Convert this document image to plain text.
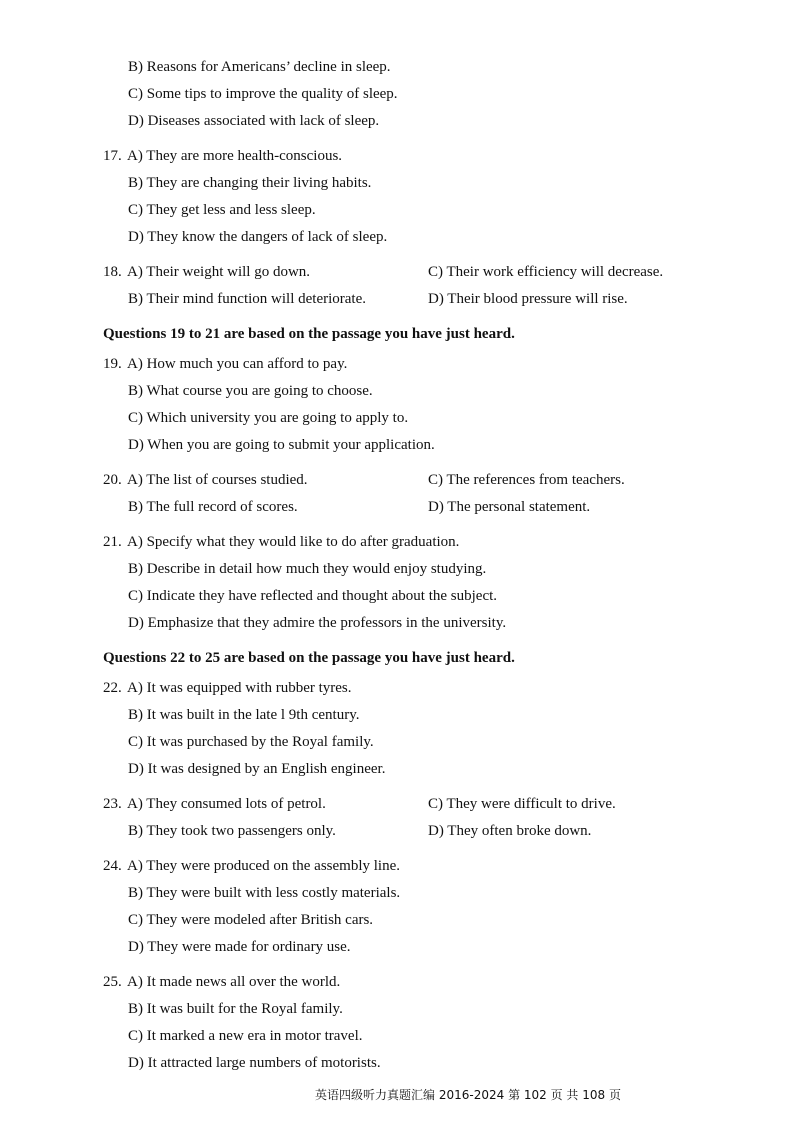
B) Reasons for Americans’ decline in sleep.
C) Some tips to improve the quality of sleep.
D) Diseases associated with lack of sleep.
17. A) They are more health-conscious.
B) They are changing their living habits.
C) They get less and less sleep.
D) They know the dangers of lack of sleep.
18. A) Their weight will go down.	C) Their work efficiency will decrease.
B) Their mind function will deteriorate.	D) Their blood pressure will rise.
Questions 19 to 21 are based on the passage you have just heard.
19. A) How much you can afford to pay.
B) What course you are going to choose.
C) Which university you are going to apply to.
D) When you are going to submit your application.
20. A) The list of courses studied.	C) The references from teachers.
B) The full record of scores.	D) The personal statement.
21. A) Specify what they would like to do after graduation.
B) Describe in detail how much they would enjoy studying.
C) Indicate they have reflected and thought about the subject.
D) Emphasize that they admire the professors in the university.
Questions 22 to 25 are based on the passage you have just heard.
22. A) It was equipped with rubber tyres.
B) It was built in the late l 9th century.
C) It was purchased by the Royal family.
D) It was designed by an English engineer.
23. A) They consumed lots of petrol.	C) They were difficult to drive.
B) They took two passengers only.	D) They often broke down.
24. A) They were produced on the assembly line.
B) They were built with less costly materials.
C) They were modeled after British cars.
D) They were made for ordinary use.
25. A) It made news all over the world.
B) It was built for the Royal family.
C) It marked a new era in motor travel.
D) It attracted large numbers of motorists.
英语四级听力真题汇编 2016-2024 第 102 页 共 108 页
